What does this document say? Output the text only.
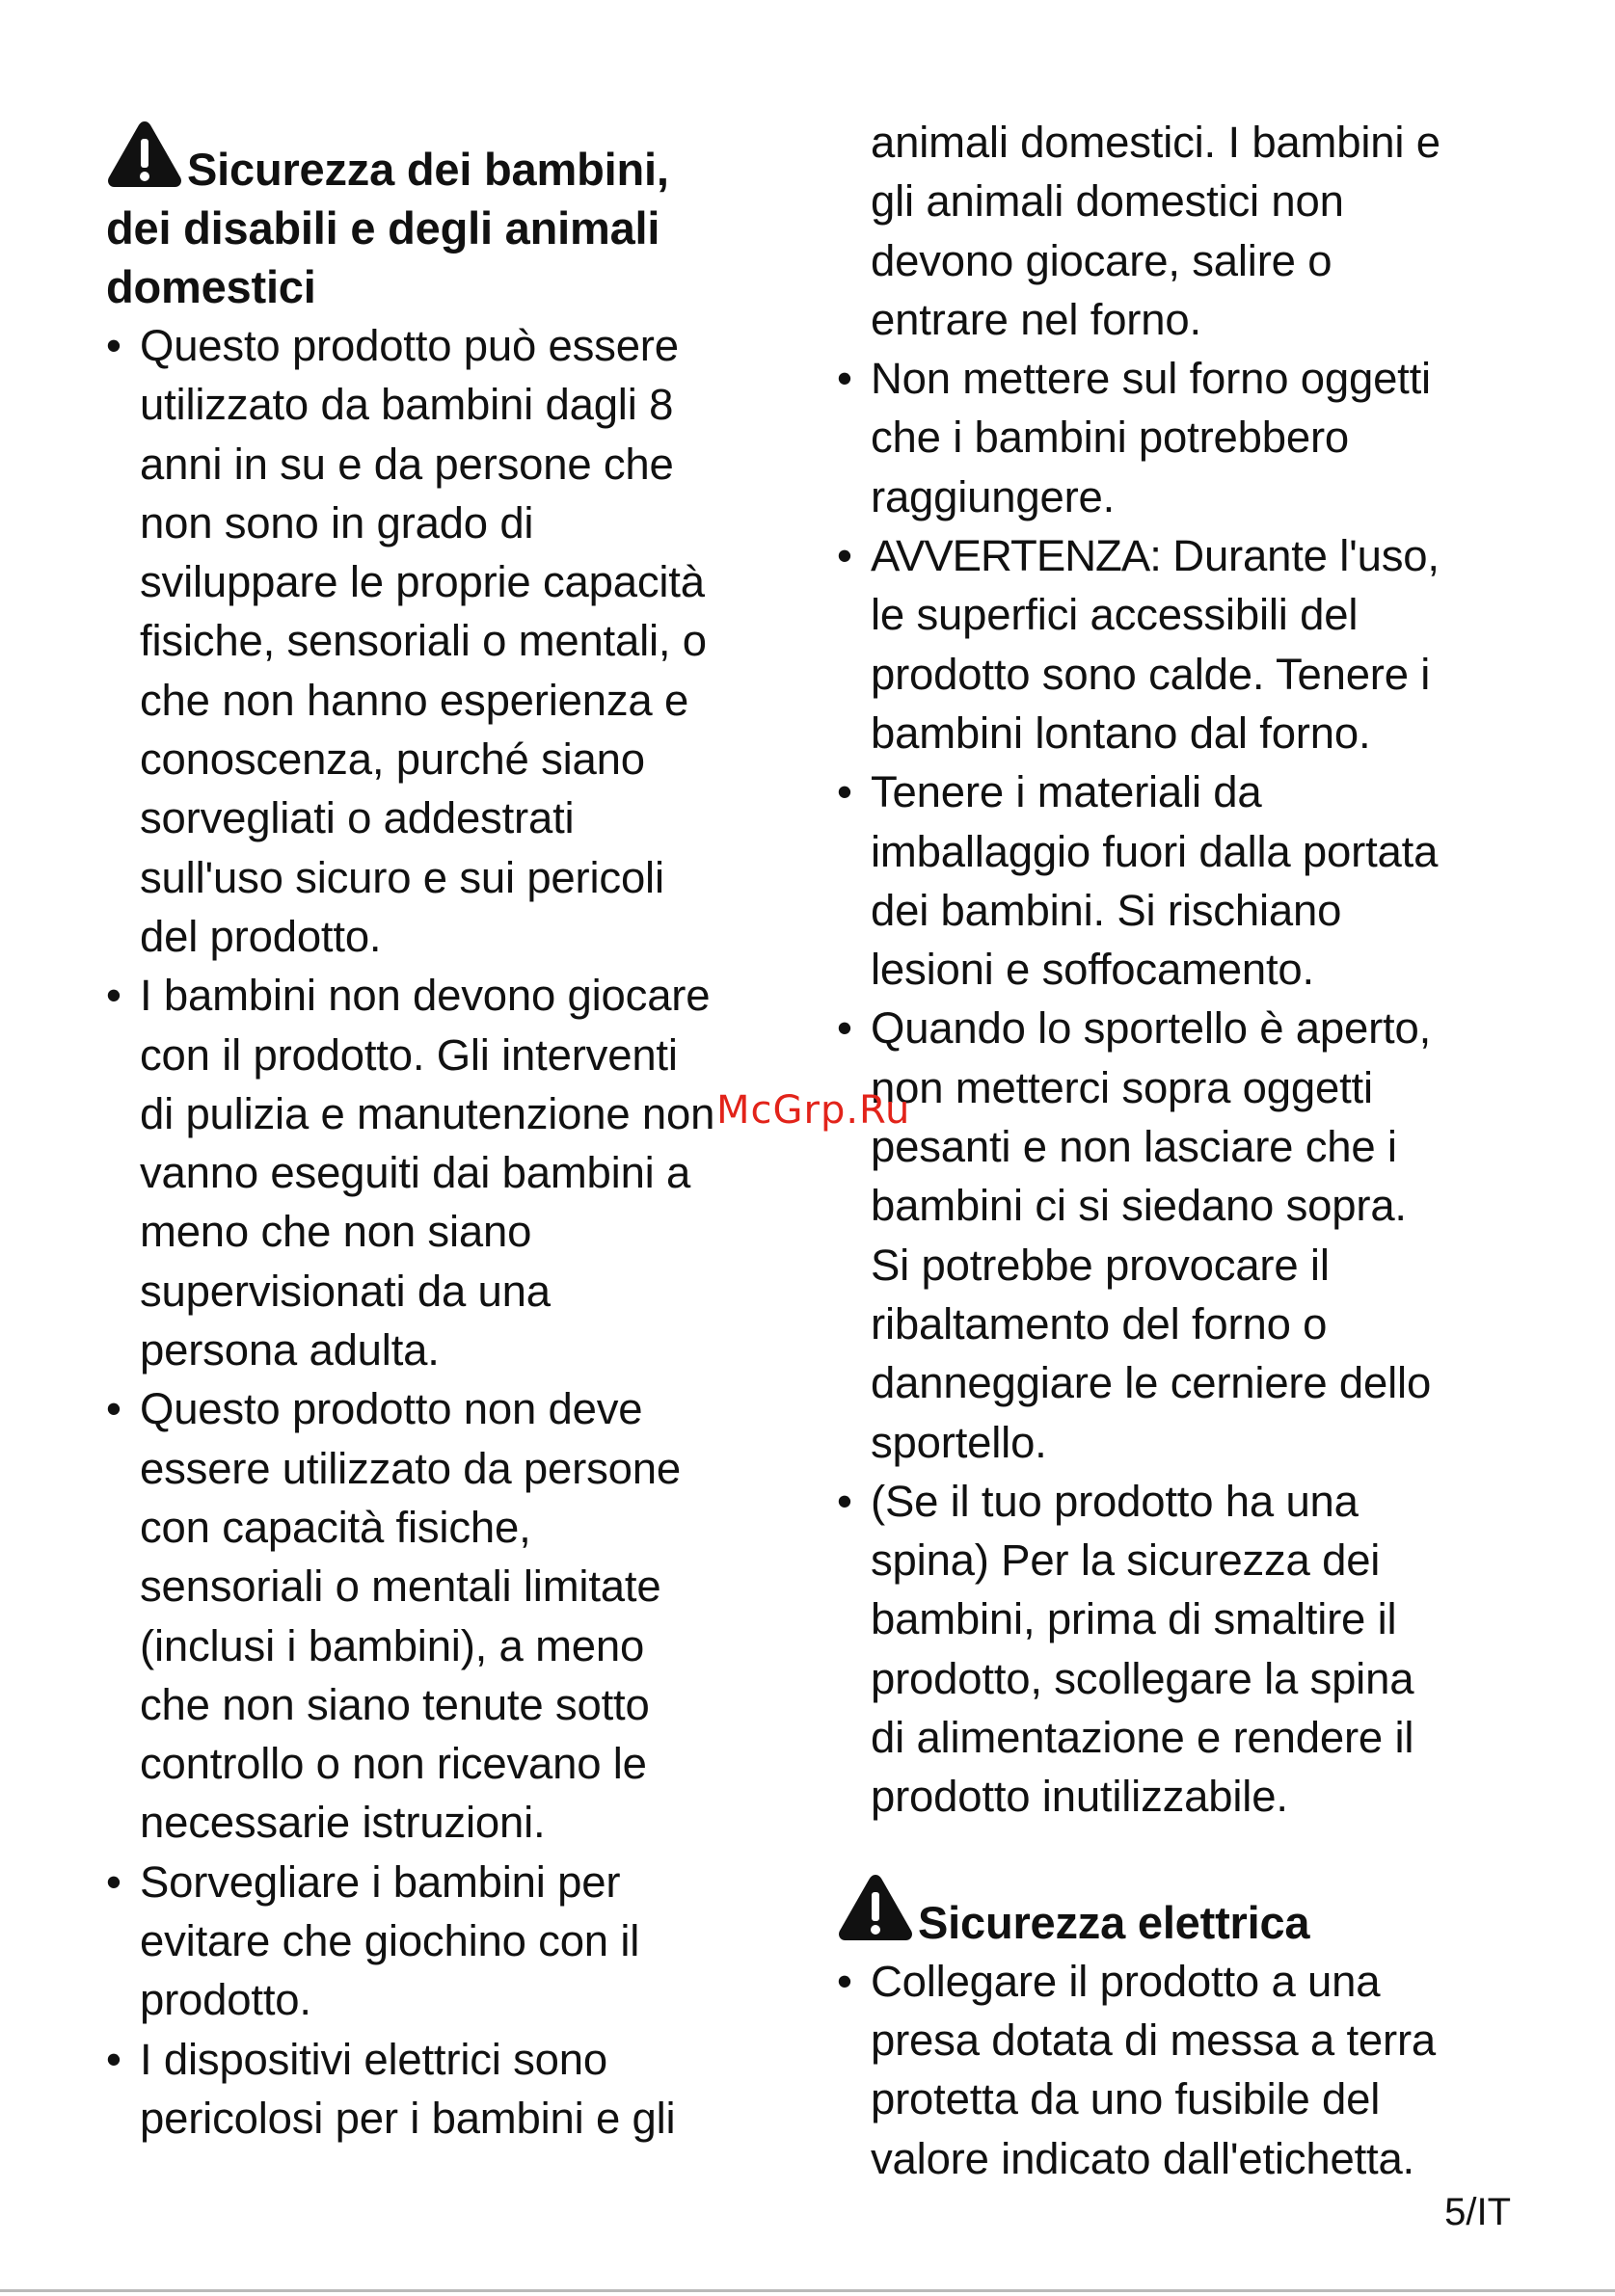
Sicurezza dei bambini,
dei disabili e degli animali
domestici
• Questo prodotto può essere
utilizzato da bambini dagli 8
anni in su e da persone che
non sono in grado di
sviluppare le proprie capacità
fisiche, sensoriali o mentali, o
che non hanno esperienza e
conoscenza, purché siano
sorvegliati o addestrati
sull'uso sicuro e sui pericoli
del prodotto.
• I bambini non devono giocare
con il prodotto. Gli interventi
di pulizia e manutenzione non
vanno eseguiti dai bambini a
meno che non siano
supervisionati da una
persona adulta.
• Questo prodotto non deve
essere utilizzato da persone
con capacità fisiche,
sensoriali o mentali limitate
(inclusi i bambini), a meno
che non siano tenute sotto
controllo o non ricevano le
necessarie istruzioni.
• Sorvegliare i bambini per
evitare che giochino con il
prodotto.
• I dispositivi elettrici sono
pericolosi per i bambini e gli
animali domestici. I bambini e
gli animali domestici non
devono giocare, salire o
entrare nel forno.
• Non mettere sul forno oggetti
che i bambini potrebbero
raggiungere.
• AVVERTENZA: Durante l'uso,
le superfici accessibili del
prodotto sono calde. Tenere i
bambini lontano dal forno.
• Tenere i materiali da
imballaggio fuori dalla portata
dei bambini. Si rischiano
lesioni e soffocamento.
• Quando lo sportello è aperto,
non metterci sopra oggetti
pesanti e non lasciare che i
bambini ci si siedano sopra.
Si potrebbe provocare il
ribaltamento del forno o
danneggiare le cerniere dello
sportello.
• (Se il tuo prodotto ha una
spina) Per la sicurezza dei
bambini, prima di smaltire il
prodotto, scollegare la spina
di alimentazione e rendere il
prodotto inutilizzabile.
Sicurezza elettrica
• Collegare il prodotto a una
presa dotata di messa a terra
protetta da uno fusibile del
valore indicato dall'etichetta.
McGrp.Ru
5/IT
